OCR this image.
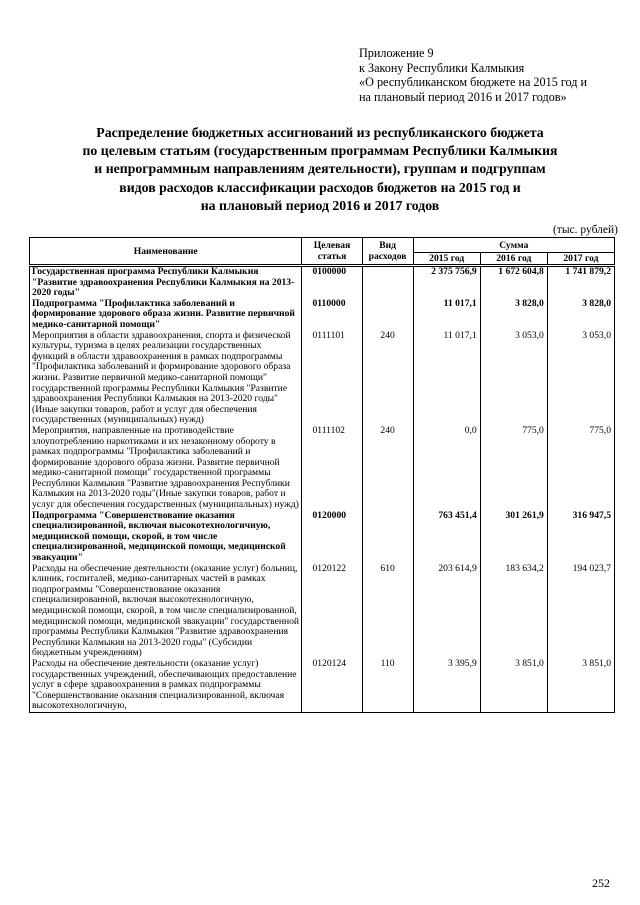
Приложение 9
к Закону Республики Калмыкия
«О республиканском бюджете на 2015 год и
на плановый период 2016 и 2017 годов»
Распределение бюджетных ассигнований из республиканского бюджета
по целевым статьям (государственным программам Республики Калмыкия
и непрограммным направлениям деятельности), группам и подгруппам
видов расходов классификации расходов бюджетов на 2015 год и
на плановый период 2016 и 2017 годов
(тыс. рублей)
Наименование	Целевая статья	Вид расходов	Сумма		
			2015 год	2016 год	2017 год
Государственная программа Республики Калмыкия "Развитие здравоохранения Республики Калмыкия на 2013-2020 годы"	0100000		2 375 756,9	1 672 604,8	1 741 879,2
Подпрограмма "Профилактика заболеваний и формирование здорового образа жизни. Развитие первичной медико-санитарной помощи"	0110000		11 017,1	3 828,0	3 828,0
Мероприятия в области здравоохранения, спорта и физической культуры, туризма в целях реализации государственных функций в области здравоохранения в рамках подпрограммы "Профилактика заболеваний и формирование здорового образа жизни. Развитие первичной медико-санитарной помощи" государственной программы Республики Калмыкия "Развитие здравоохранения Республики Калмыкия на 2013-2020 годы" (Иные закупки товаров, работ и услуг для обеспечения государственных (муниципальных) нужд)	0111101	240	11 017,1	3 053,0	3 053,0
Мероприятия, направленные на противодействие злоупотреблению наркотиками и их незаконному обороту в рамках подпрограммы "Профилактика заболеваний и формирование здорового образа жизни. Развитие первичной медико-санитарной помощи" государственной программы Республики Калмыкия "Развитие здравоохранения Республики Калмыкия на 2013-2020 годы"(Иные закупки товаров, работ и услуг для обеспечения государственных (муниципальных) нужд)	0111102	240	0,0	775,0	775,0
Подпрограмма "Совершенствование оказания специализированной, включая высокотехнологичную, медицинской помощи, скорой, в том числе специализированной, медицинской помощи, медицинской эвакуации"	0120000		763 451,4	301 261,9	316 947,5
Расходы на обеспечение деятельности (оказание услуг) больниц, клиник, госпиталей, медико-санитарных частей в рамках подпрограммы "Совершенствование оказания специализированной, включая высокотехнологичную, медицинской помощи, скорой, в том числе специализированной, медицинской помощи, медицинской эвакуации" государственной программы Республики Калмыкия "Развитие здравоохранения Республики Калмыкия на 2013-2020 годы" (Субсидии бюджетным учреждениям)	0120122	610	203 614,9	183 634,2	194 023,7
Расходы на обеспечение деятельности (оказание услуг) государственных учреждений, обеспечивающих предоставление услуг в сфере здравоохранения в рамках подпрограммы "Совершенствование оказания специализированной, включая высокотехнологичную,	0120124	110	3 395,9	3 851,0	3 851,0
252
